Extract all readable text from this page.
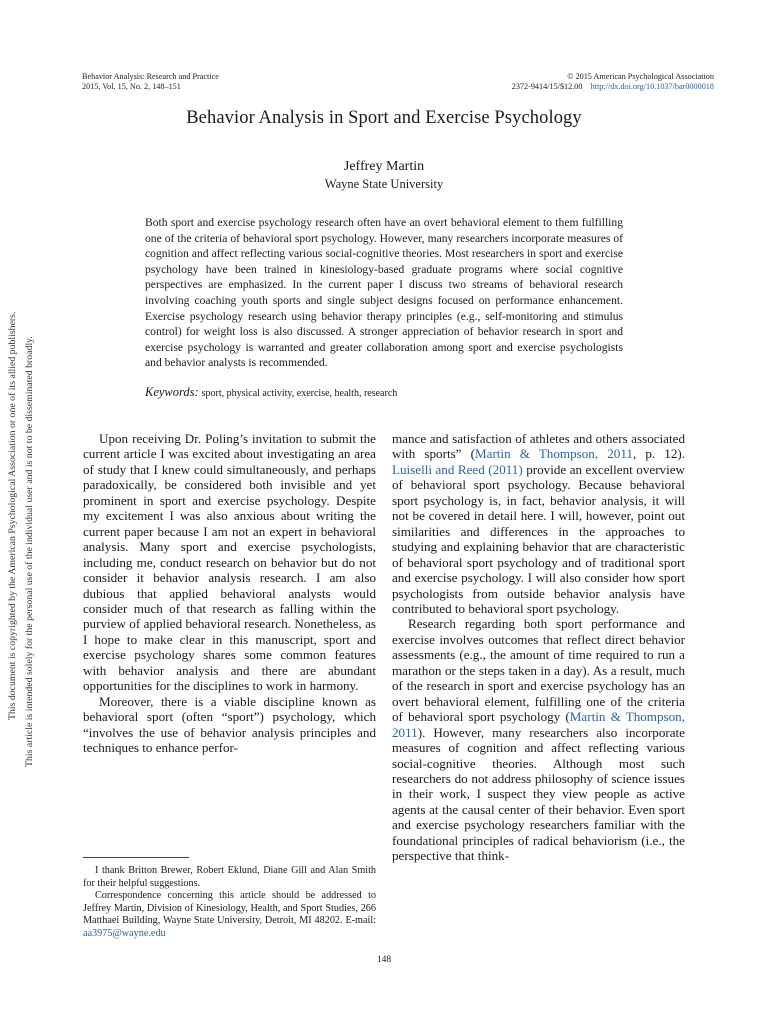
Behavior Analysis: Research and Practice
2015, Vol. 15, No. 2, 148–151
© 2015 American Psychological Association
2372-9414/15/$12.00 http://dx.doi.org/10.1037/bar0000018
Behavior Analysis in Sport and Exercise Psychology
Jeffrey Martin
Wayne State University

Both sport and exercise psychology research often have an overt behavioral element to them fulfilling one of the criteria of behavioral sport psychology. However, many researchers incorporate measures of cognition and affect reflecting various social-cognitive theories. Most researchers in sport and exercise psychology have been trained in kinesiology-based graduate programs where social cognitive perspectives are emphasized. In the current paper I discuss two streams of behavioral research involving coaching youth sports and single subject designs focused on performance enhancement. Exercise psychology research using behavior therapy principles (e.g., self-monitoring and stimulus control) for weight loss is also discussed. A stronger appreciation of behavior research in sport and exercise psychology is warranted and greater collaboration among sport and exercise psychologists and behavior analysts is recommended.

Keywords: sport, physical activity, exercise, health, research

Upon receiving Dr. Poling’s invitation to submit the current article I was excited about investigating an area of study that I knew could simultaneously, and perhaps paradoxically, be considered both invisible and yet prominent in sport and exercise psychology. Despite my excitement I was also anxious about writing the current paper because I am not an expert in behavioral analysis. Many sport and exercise psychologists, including me, conduct research on behavior but do not consider it behavior analysis research. I am also dubious that applied behavioral analysts would consider much of that research as falling within the purview of applied behavioral research. Nonetheless, as I hope to make clear in this manuscript, sport and exercise psychology shares some common features with behavior analysis and there are abundant opportunities for the disciplines to work in harmony.

Moreover, there is a viable discipline known as behavioral sport (often “sport”) psychology, which “involves the use of behavior analysis principles and techniques to enhance perfor-

mance and satisfaction of athletes and others associated with sports” (Martin & Thompson, 2011, p. 12). Luiselli and Reed (2011) provide an excellent overview of behavioral sport psychology. Because behavioral sport psychology is, in fact, behavior analysis, it will not be covered in detail here. I will, however, point out similarities and differences in the approaches to studying and explaining behavior that are characteristic of behavioral sport psychology and of traditional sport and exercise psychology. I will also consider how sport psychologists from outside behavior analysis have contributed to behavioral sport psychology.

Research regarding both sport performance and exercise involves outcomes that reflect direct behavior assessments (e.g., the amount of time required to run a marathon or the steps taken in a day). As a result, much of the research in sport and exercise psychology has an overt behavioral element, fulfilling one of the criteria of behavioral sport psychology (Martin & Thompson, 2011). However, many researchers also incorporate measures of cognition and affect reflecting various social-cognitive theories. Although most such researchers do not address philosophy of science issues in their work, I suspect they view people as active agents at the causal center of their behavior. Even sport and exercise psychology researchers familiar with the foundational principles of radical behaviorism (i.e., the perspective that think-

I thank Britton Brewer, Robert Eklund, Diane Gill and Alan Smith for their helpful suggestions.

Correspondence concerning this article should be addressed to Jeffrey Martin, Division of Kinesiology, Health, and Sport Studies, 266 Matthaei Building, Wayne State University, Detroit, MI 48202. E-mail: aa3975@wayne.edu

148
This document is copyrighted by the American Psychological Association or one of its allied publishers. This article is intended solely for the personal use of the individual user and is not to be disseminated broadly.
